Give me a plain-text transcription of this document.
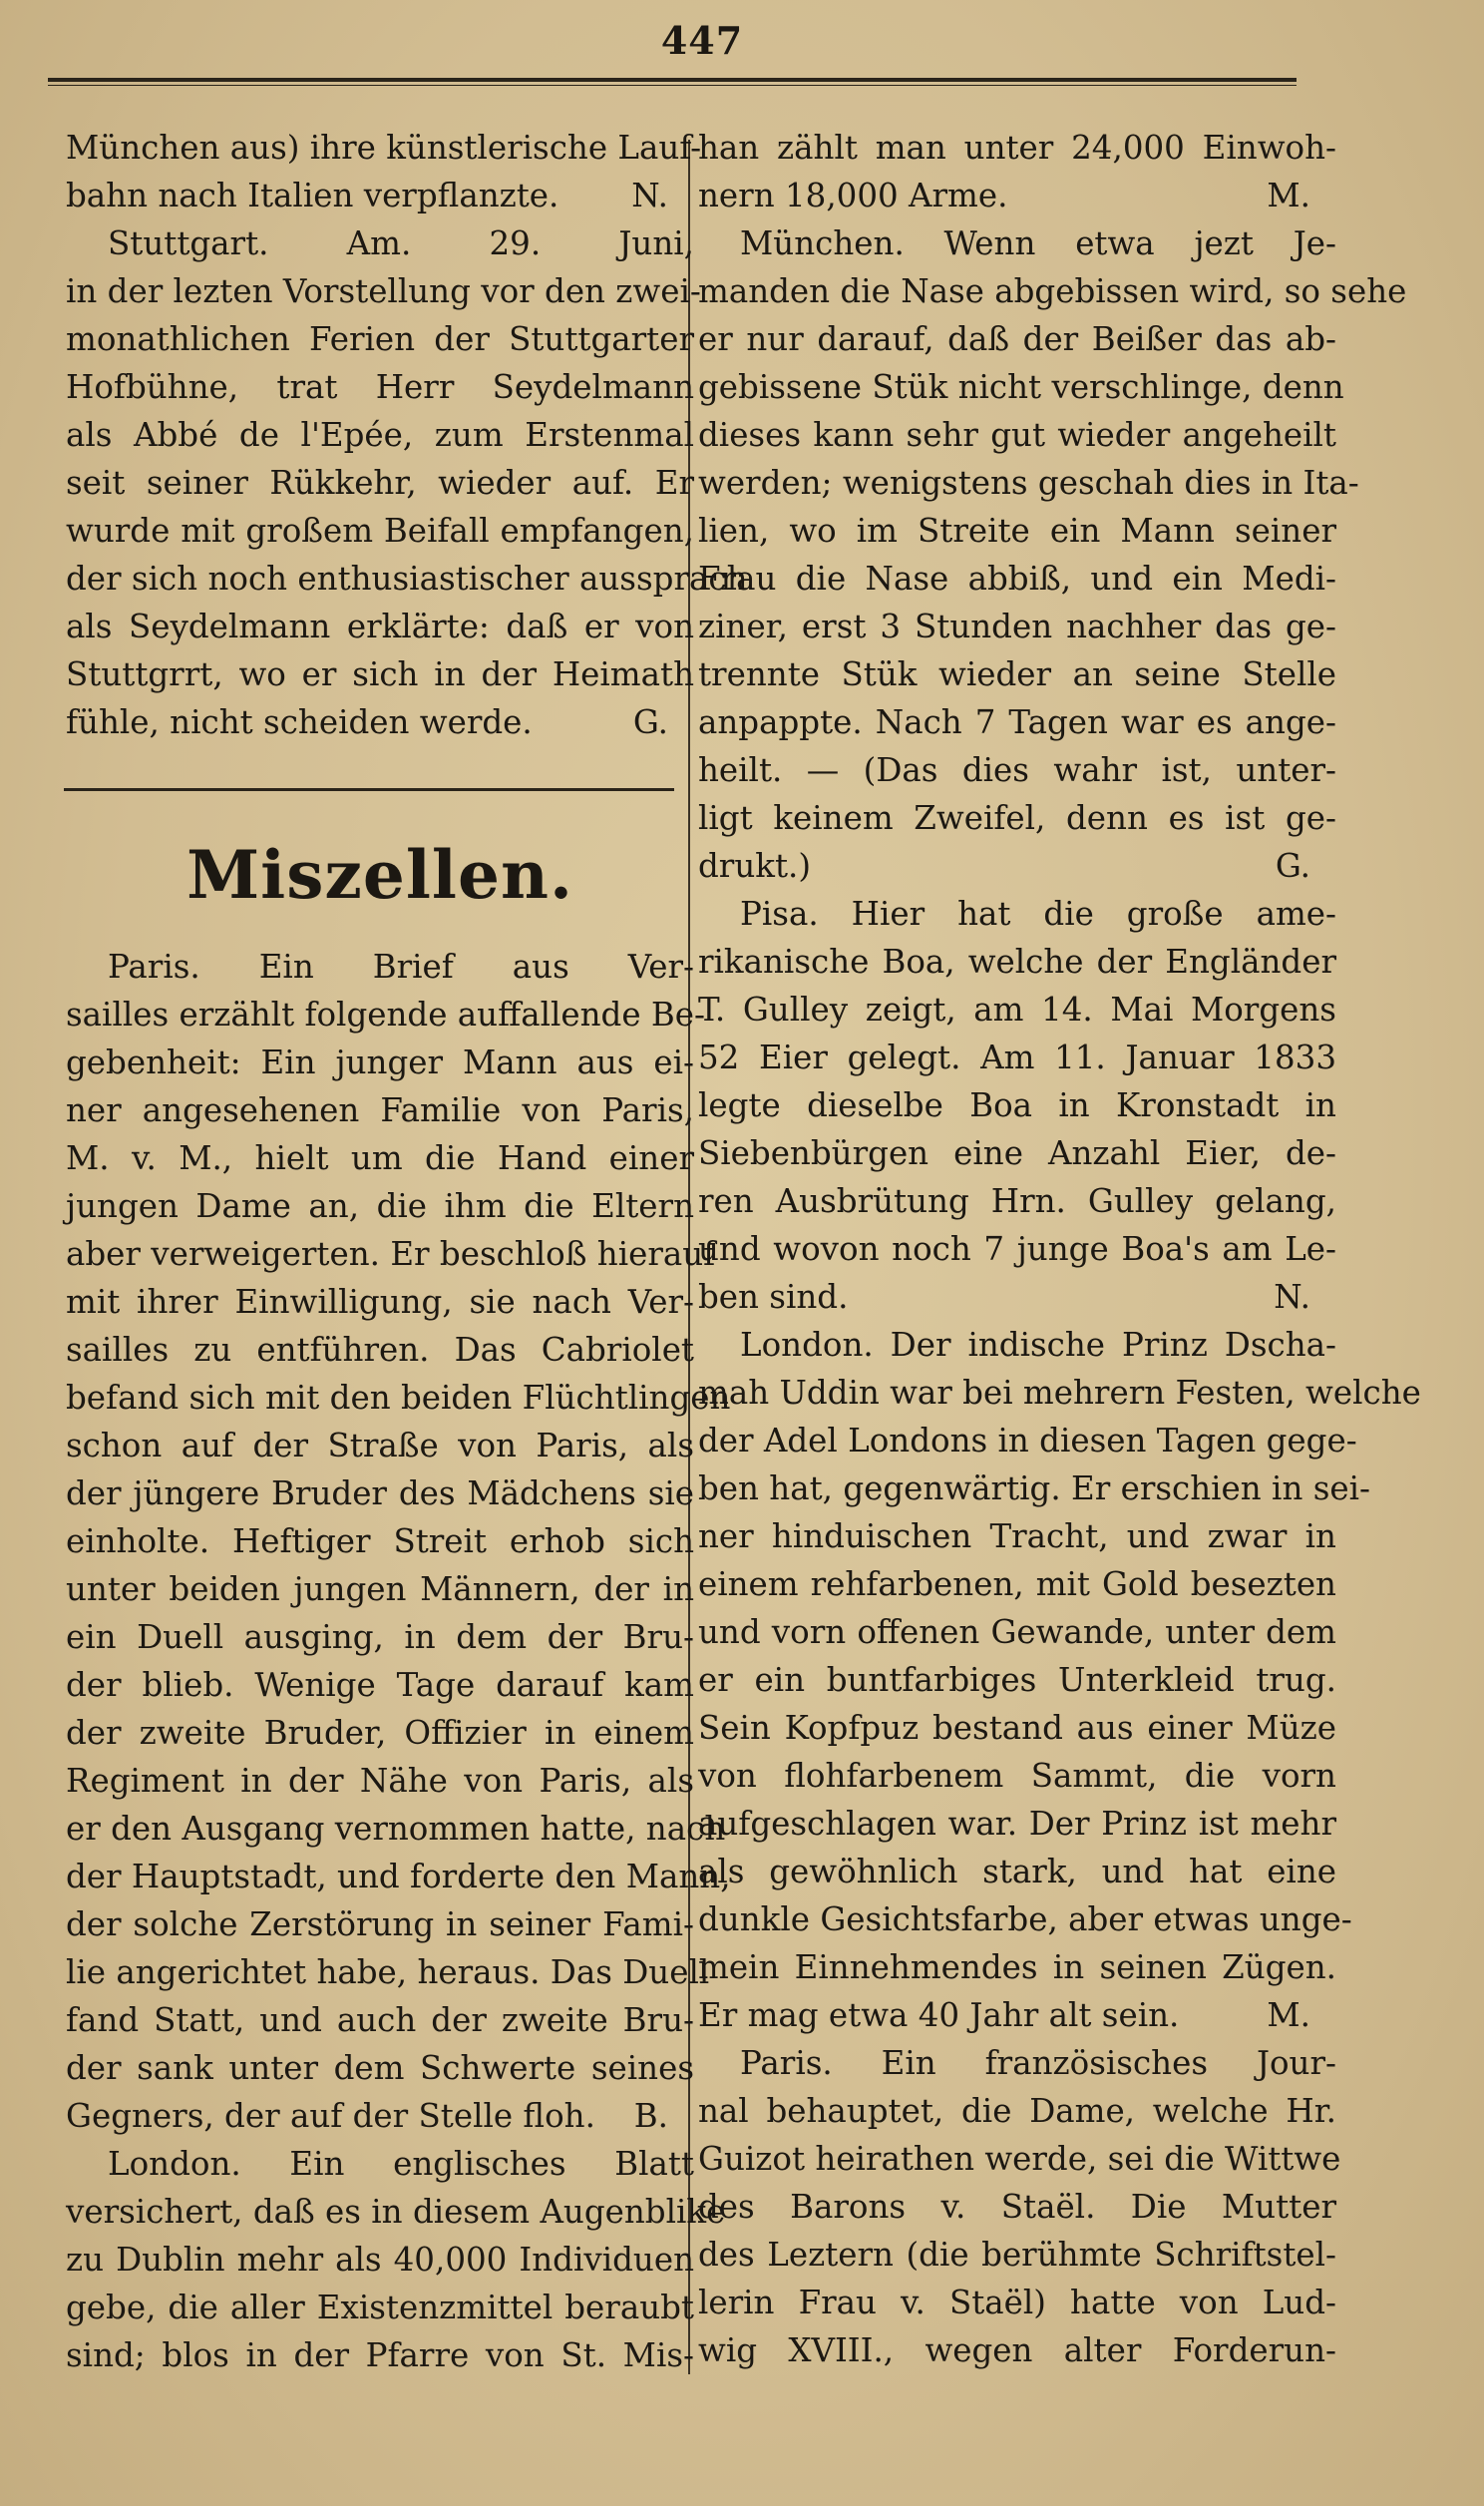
447
München aus) ihre künstlerische Lauf-
bahn nach Italien verpflanzte. N.
Stuttgart. Am. 29. Juni,
in der lezten Vorstellung vor den zwei-
monathlichen Ferien der Stuttgarter
Hofbühne, trat Herr Seydelmann
als Abbé de l'Epée, zum Erstenmal
seit seiner Rükkehr, wieder auf. Er
wurde mit großem Beifall empfangen,
der sich noch enthusiastischer aussprach
als Seydelmann erklärte: daß er von
Stuttgrrt, wo er sich in der Heimath
fühle, nicht scheiden werde.	G.
Miszellen.
Paris. Ein Brief aus Ver-
sailles erzählt folgende auffallende Be-
gebenheit: Ein junger Mann aus ei-
ner angesehenen Familie von Paris,
M. v. M., hielt um die Hand einer
jungen Dame an, die ihm die Eltern
aber verweigerten. Er beschloß hierauf
mit ihrer Einwilligung, sie nach Ver-
sailles zu entführen. Das Cabriolet
befand sich mit den beiden Flüchtlingen
schon auf der Straße von Paris, als
der jüngere Bruder des Mädchens sie
einholte. Heftiger Streit erhob sich
unter beiden jungen Männern, der in
ein Duell ausging, in dem der Bru-
der blieb. Wenige Tage darauf kam
der zweite Bruder, Offizier in einem
Regiment in der Nähe von Paris, als
er den Ausgang vernommen hatte, nach
der Hauptstadt, und forderte den Mann,
der solche Zerstörung in seiner Fami-
lie angerichtet habe, heraus. Das Duell
fand Statt, und auch der zweite Bru-
der sank unter dem Schwerte seines
Gegners, der auf der Stelle floh. B.
London. Ein englisches Blatt
versichert, daß es in diesem Augenblike
zu Dublin mehr als 40,000 Individuen
gebe, die aller Existenzmittel beraubt
sind; blos in der Pfarre von St. Mis-
han zählt man unter 24,000 Einwoh-
nern 18,000 Arme.	M.
München. Wenn etwa jezt Je-
manden die Nase abgebissen wird, so sehe
er nur darauf, daß der Beißer das ab-
gebissene Stük nicht verschlinge, denn
dieses kann sehr gut wieder angeheilt
werden; wenigstens geschah dies in Ita-
lien, wo im Streite ein Mann seiner
Frau die Nase abbiß, und ein Medi-
ziner, erst 3 Stunden nachher das ge-
trennte Stük wieder an seine Stelle
anpappte. Nach 7 Tagen war es ange-
heilt. — (Das dies wahr ist, unter-
ligt keinem Zweifel, denn es ist ge-
drukt.)	G.
Pisa. Hier hat die große ame-
rikanische Boa, welche der Engländer
T. Gulley zeigt, am 14. Mai Morgens
52 Eier gelegt. Am 11. Januar 1833
legte dieselbe Boa in Kronstadt in
Siebenbürgen eine Anzahl Eier, de-
ren Ausbrütung Hrn. Gulley gelang,
und wovon noch 7 junge Boa's am Le-
ben sind.	N.
London. Der indische Prinz Dscha-
mah Uddin war bei mehrern Festen, welche
der Adel Londons in diesen Tagen gege-
ben hat, gegenwärtig. Er erschien in sei-
ner hinduischen Tracht, und zwar in
einem rehfarbenen, mit Gold besezten
und vorn offenen Gewande, unter dem
er ein buntfarbiges Unterkleid trug.
Sein Kopfpuz bestand aus einer Müze
von flohfarbenem Sammt, die vorn
aufgeschlagen war. Der Prinz ist mehr
als gewöhnlich stark, und hat eine
dunkle Gesichtsfarbe, aber etwas unge-
mein Einnehmendes in seinen Zügen.
Er mag etwa 40 Jahr alt sein.	M.
Paris. Ein französisches Jour-
nal behauptet, die Dame, welche Hr.
Guizot heirathen werde, sei die Wittwe
des Barons v. Staël. Die Mutter
des Leztern (die berühmte Schriftstel-
lerin Frau v. Staël) hatte von Lud-
wig XVIII., wegen alter Forderun-
